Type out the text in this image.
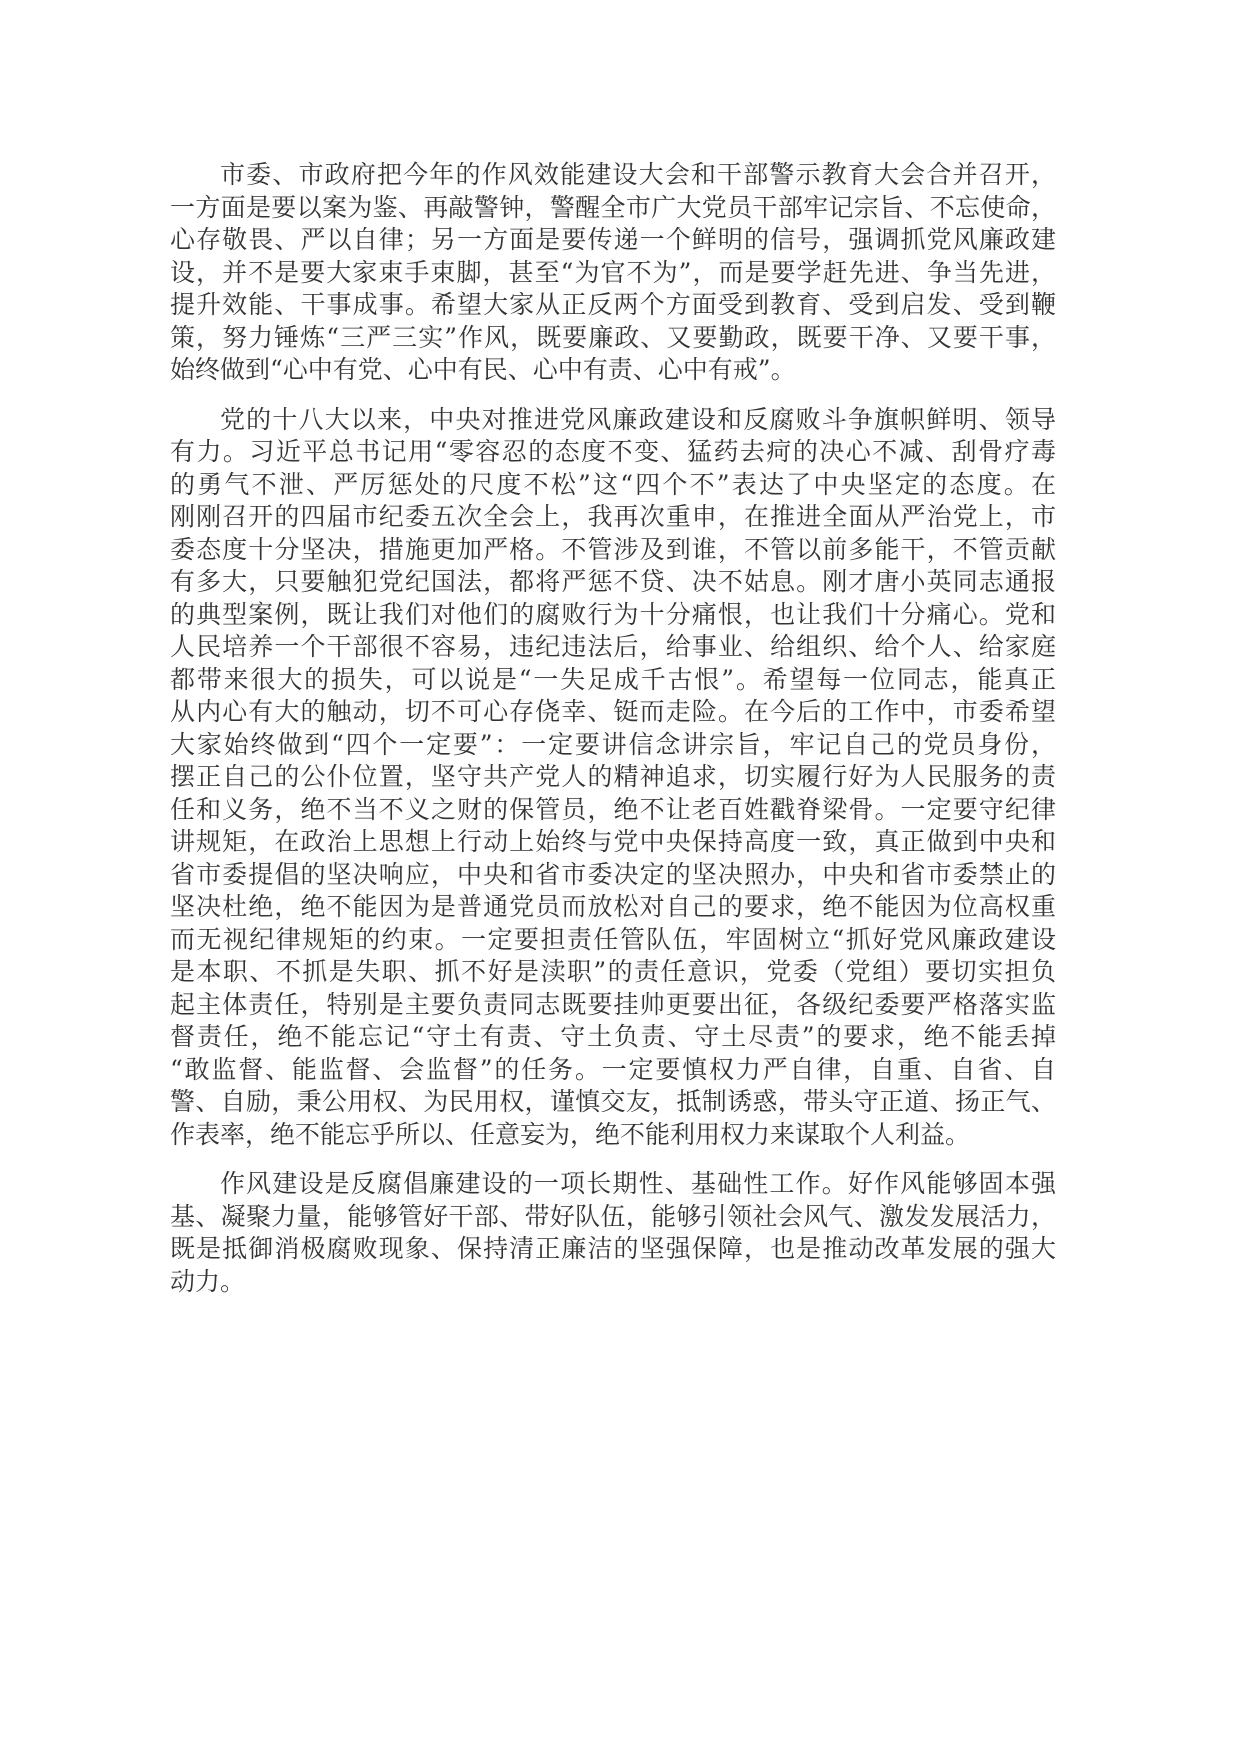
市委、市政府把今年的作风效能建设大会和干部警示教育大会合并召开，
一方面是要以案为鉴、再敲警钟，警醒全市广大党员干部牢记宗旨、不忘使命，
心存敬畏、严以自律；另一方面是要传递一个鲜明的信号，强调抓党风廉政建
设，并不是要大家束手束脚，甚至“为官不为”，而是要学赶先进、争当先进，
提升效能、干事成事。希望大家从正反两个方面受到教育、受到启发、受到鞭
策，努力锤炼“三严三实”作风，既要廉政、又要勤政，既要干净、又要干事，
始终做到“心中有党、心中有民、心中有责、心中有戒”。
党的十八大以来，中央对推进党风廉政建设和反腐败斗争旗帜鲜明、领导
有力。习近平总书记用“零容忍的态度不变、猛药去疴的决心不减、刮骨疗毒
的勇气不泄、严厉惩处的尺度不松”这“四个不”表达了中央坚定的态度。在
刚刚召开的四届市纪委五次全会上，我再次重申，在推进全面从严治党上，市
委态度十分坚决，措施更加严格。不管涉及到谁，不管以前多能干，不管贡献
有多大，只要触犯党纪国法，都将严惩不贷、决不姑息。刚才唐小英同志通报
的典型案例，既让我们对他们的腐败行为十分痛恨，也让我们十分痛心。党和
人民培养一个干部很不容易，违纪违法后，给事业、给组织、给个人、给家庭
都带来很大的损失，可以说是“一失足成千古恨”。希望每一位同志，能真正
从内心有大的触动，切不可心存侥幸、铤而走险。在今后的工作中，市委希望
大家始终做到“四个一定要”：一定要讲信念讲宗旨，牢记自己的党员身份，
摆正自己的公仆位置，坚守共产党人的精神追求，切实履行好为人民服务的责
任和义务，绝不当不义之财的保管员，绝不让老百姓戳脊梁骨。一定要守纪律
讲规矩，在政治上思想上行动上始终与党中央保持高度一致，真正做到中央和
省市委提倡的坚决响应，中央和省市委决定的坚决照办，中央和省市委禁止的
坚决杜绝，绝不能因为是普通党员而放松对自己的要求，绝不能因为位高权重
而无视纪律规矩的约束。一定要担责任管队伍，牢固树立“抓好党风廉政建设
是本职、不抓是失职、抓不好是渎职”的责任意识，党委（党组）要切实担负
起主体责任，特别是主要负责同志既要挂帅更要出征，各级纪委要严格落实监
督责任，绝不能忘记“守土有责、守土负责、守土尽责”的要求，绝不能丢掉
“敢监督、能监督、会监督”的任务。一定要慎权力严自律，自重、自省、自
警、自励，秉公用权、为民用权，谨慎交友，抵制诱惑，带头守正道、扬正气、
作表率，绝不能忘乎所以、任意妄为，绝不能利用权力来谋取个人利益。
作风建设是反腐倡廉建设的一项长期性、基础性工作。好作风能够固本强
基、凝聚力量，能够管好干部、带好队伍，能够引领社会风气、激发发展活力，
既是抵御消极腐败现象、保持清正廉洁的坚强保障，也是推动改革发展的强大
动力。
